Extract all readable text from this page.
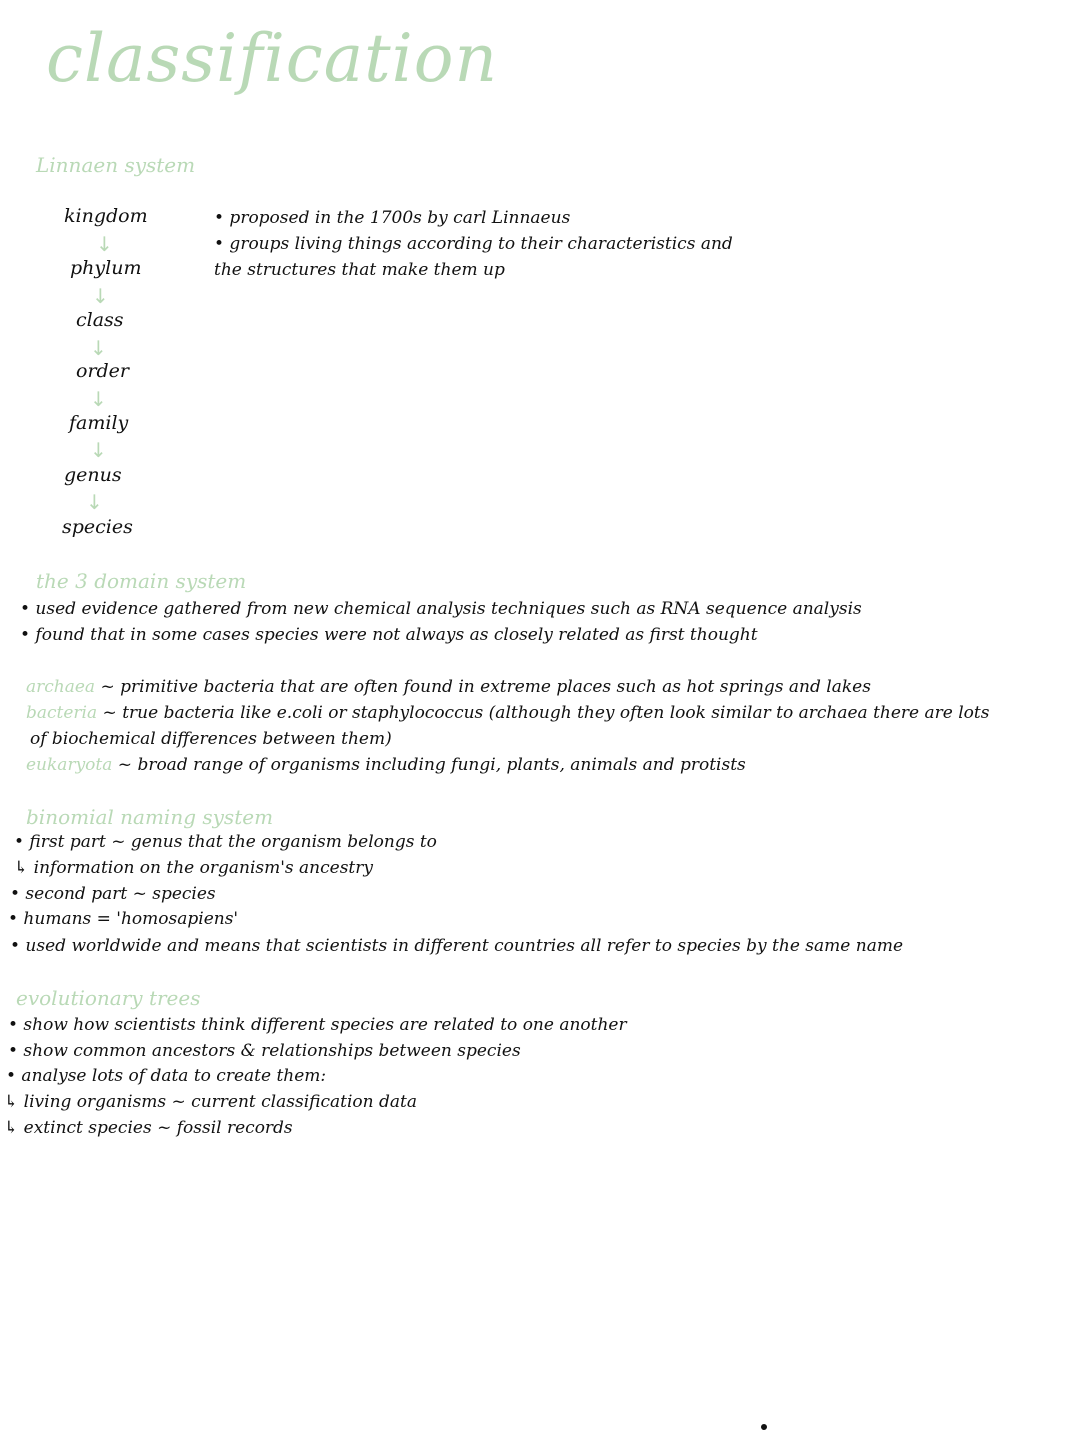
classification
Linnaen system
kingdom
↓
phylum
↓
class
↓
order
↓
family
↓
genus
↓
species
• proposed in the 1700s by carl Linnaeus
• groups living things according to their characteristics and
the structures that make them up
the 3 domain system
• used evidence gathered from new chemical analysis techniques such as RNA sequence analysis
• found that in some cases species were not always as closely related as first thought
archaea ~ primitive bacteria that are often found in extreme places such as hot springs and lakes
bacteria ~ true bacteria like e.coli or staphylococcus (although they often look similar to archaea there are lots
of biochemical differences between them)
eukaryota ~ broad range of organisms including fungi, plants, animals and protists
binomial naming system
• first part ~ genus that the organism belongs to
↳ information on the organism's ancestry
• second part ~ species
• humans = 'homosapiens'
• used worldwide and means that scientists in different countries all refer to species by the same name
evolutionary trees
• show how scientists think different species are related to one another
• show common ancestors & relationships between species
• analyse lots of data to create them:
↳ living organisms ~ current classification data
↳ extinct species ~ fossil records
